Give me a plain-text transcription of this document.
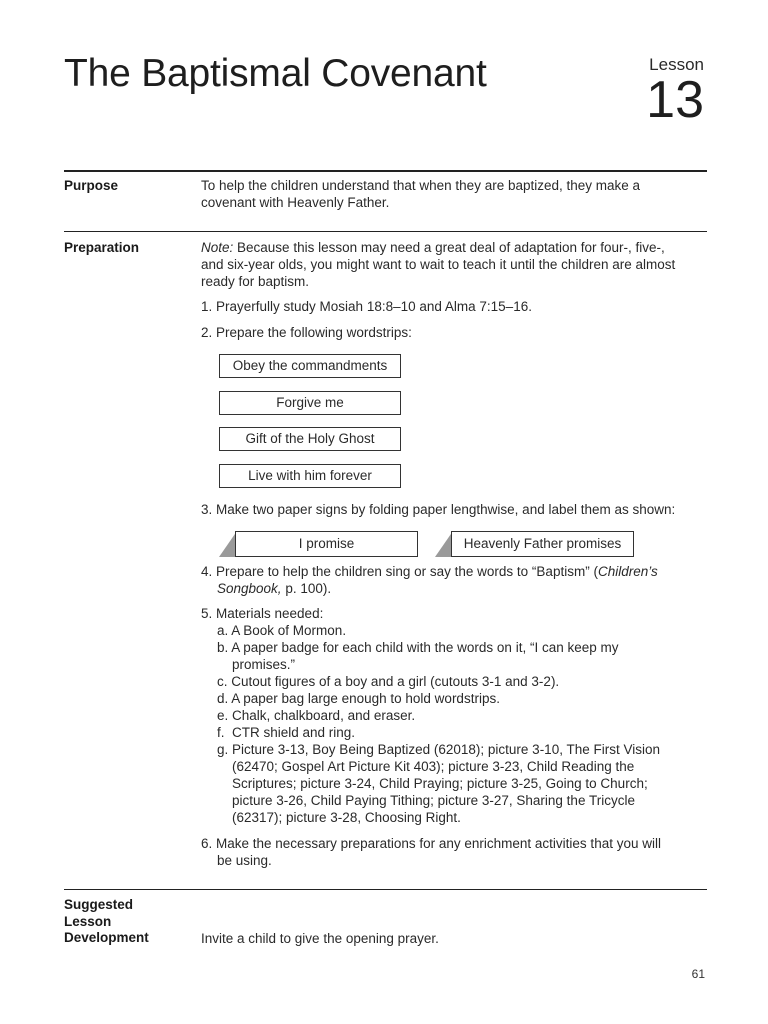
The Baptismal Covenant	Lesson
13
Purpose	To help the children understand that when they are baptized, they make a
covenant with Heavenly Father.
Preparation	Note: Because this lesson may need a great deal of adaptation for four-, five-,
and six-year olds, you might want to wait to teach it until the children are almost
ready for baptism.
1. Prayerfully study Mosiah 18:8–10 and Alma 7:15–16.
2. Prepare the following wordstrips:
Obey the commandments
Forgive me
Gift of the Holy Ghost
Live with him forever
3. Make two paper signs by folding paper lengthwise, and label them as shown:
I promise	Heavenly Father promises
4. Prepare to help the children sing or say the words to “Baptism” (Children’s
Songbook, p. 100).
5. Materials needed:
a. A Book of Mormon.
b. A paper badge for each child with the words on it, “I can keep my
promises.”
c. Cutout figures of a boy and a girl (cutouts 3-1 and 3-2).
d. A paper bag large enough to hold wordstrips.
e. Chalk, chalkboard, and eraser.
f.  CTR shield and ring.
g. Picture 3-13, Boy Being Baptized (62018); picture 3-10, The First Vision
(62470; Gospel Art Picture Kit 403); picture 3-23, Child Reading the
Scriptures; picture 3-24, Child Praying; picture 3-25, Going to Church;
picture 3-26, Child Paying Tithing; picture 3-27, Sharing the Tricycle
(62317); picture 3-28, Choosing Right.
6. Make the necessary preparations for any enrichment activities that you will
be using.
Suggested
Lesson
Development	Invite a child to give the opening prayer.
61
